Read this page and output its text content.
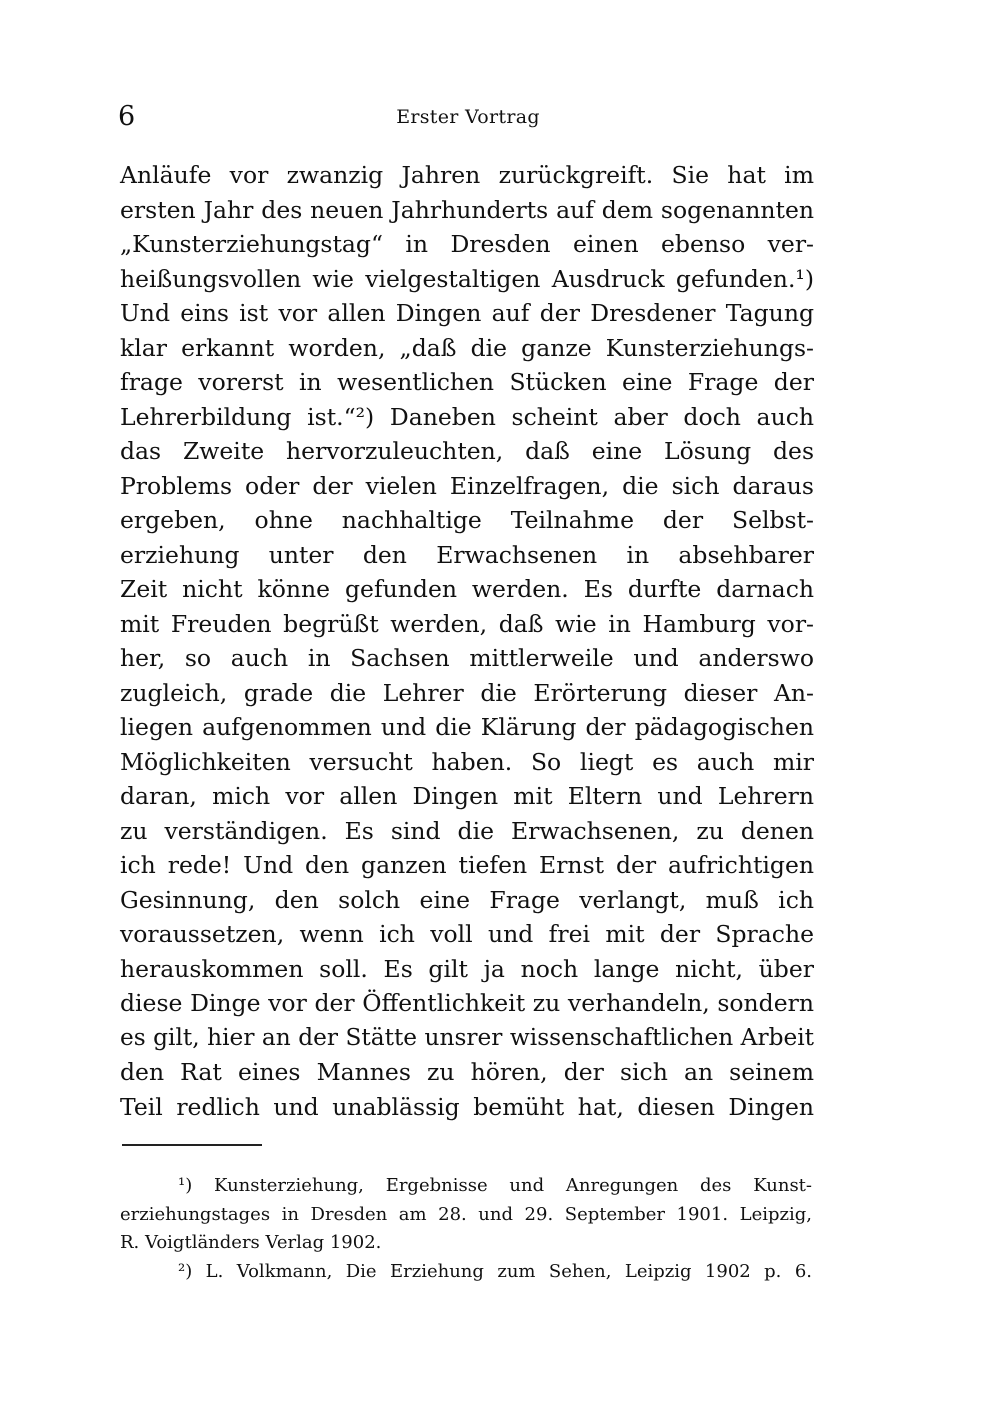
6	Erster Vortrag
Anläufe vor zwanzig Jahren zurückgreift. Sie hat im
ersten Jahr des neuen Jahrhunderts auf dem sogenannten
„Kunsterziehungstag“ in Dresden einen ebenso ver-
heißungsvollen wie vielgestaltigen Ausdruck gefunden.¹)
Und eins ist vor allen Dingen auf der Dresdener Tagung
klar erkannt worden, „daß die ganze Kunsterziehungs-
frage vorerst in wesentlichen Stücken eine Frage der
Lehrerbildung ist.“²) Daneben scheint aber doch auch
das Zweite hervorzuleuchten, daß eine Lösung des
Problems oder der vielen Einzelfragen, die sich daraus
ergeben, ohne nachhaltige Teilnahme der Selbst-
erziehung unter den Erwachsenen in absehbarer
Zeit nicht könne gefunden werden. Es durfte darnach
mit Freuden begrüßt werden, daß wie in Hamburg vor-
her, so auch in Sachsen mittlerweile und anderswo
zugleich, grade die Lehrer die Erörterung dieser An-
liegen aufgenommen und die Klärung der pädagogischen
Möglichkeiten versucht haben. So liegt es auch mir
daran, mich vor allen Dingen mit Eltern und Lehrern
zu verständigen. Es sind die Erwachsenen, zu denen
ich rede! Und den ganzen tiefen Ernst der aufrichtigen
Gesinnung, den solch eine Frage verlangt, muß ich
voraussetzen, wenn ich voll und frei mit der Sprache
herauskommen soll. Es gilt ja noch lange nicht, über
diese Dinge vor der Öffentlichkeit zu verhandeln, sondern
es gilt, hier an der Stätte unsrer wissenschaftlichen Arbeit
den Rat eines Mannes zu hören, der sich an seinem
Teil redlich und unablässig bemüht hat, diesen Dingen
¹) Kunsterziehung, Ergebnisse und Anregungen des Kunst-
erziehungstages in Dresden am 28. und 29. September 1901. Leipzig,
R. Voigtländers Verlag 1902.
²) L. Volkmann, Die Erziehung zum Sehen, Leipzig 1902 p. 6.
